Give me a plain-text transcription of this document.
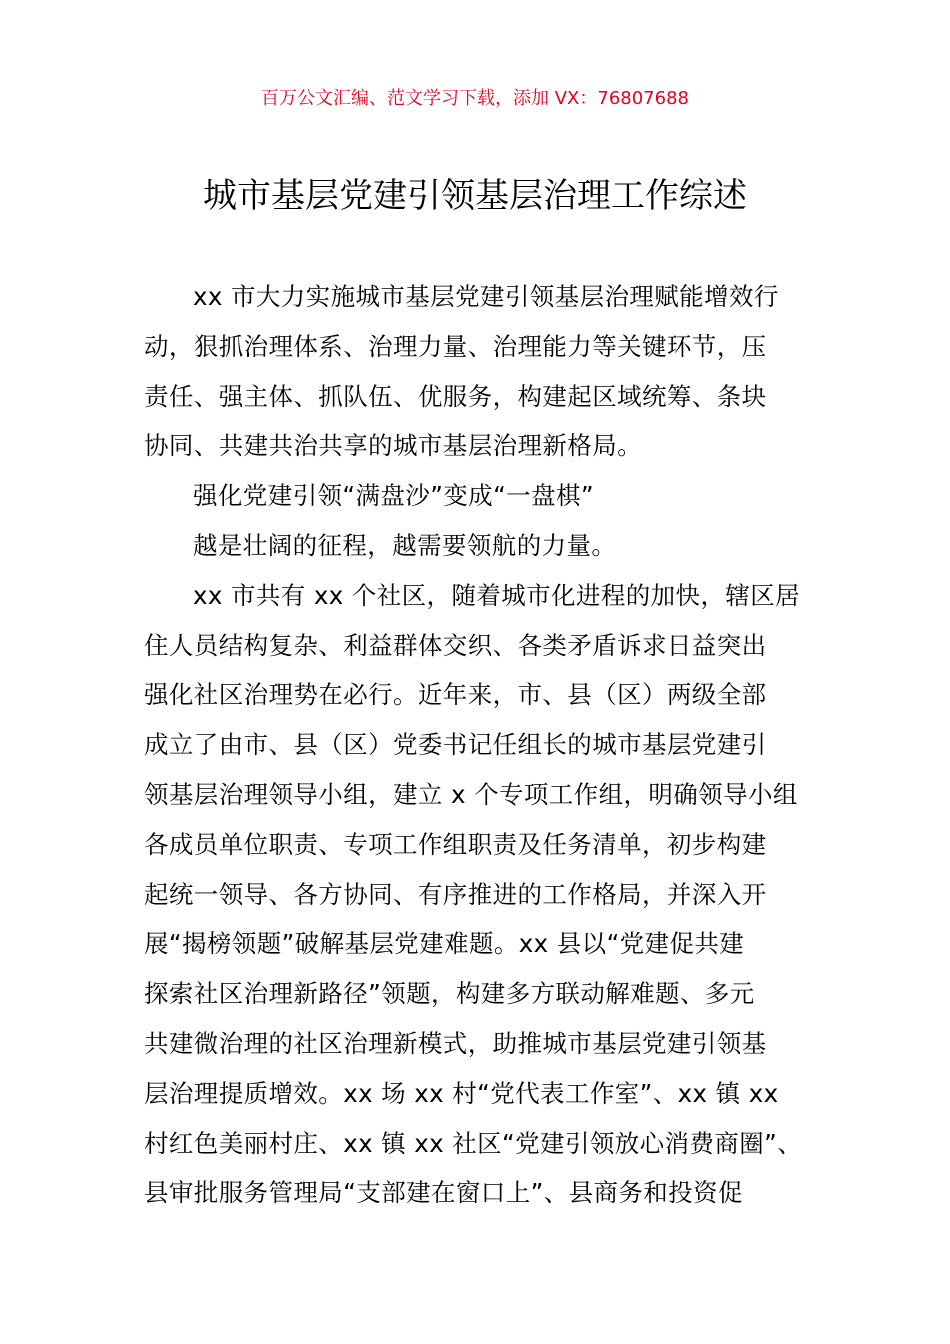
百万公文汇编、范文学习下载，添加 VX：76807688
城市基层党建引领基层治理工作综述

xx 市大力实施城市基层党建引领基层治理赋能增效行
动，狠抓治理体系、治理力量、治理能力等关键环节，压
责任、强主体、抓队伍、优服务，构建起区域统筹、条块
协同、共建共治共享的城市基层治理新格局。

强化党建引领“满盘沙”变成“一盘棋”

越是壮阔的征程，越需要领航的力量。

xx 市共有 xx 个社区，随着城市化进程的加快，辖区居
住人员结构复杂、利益群体交织、各类矛盾诉求日益突出
强化社区治理势在必行。近年来，市、县（区）两级全部
成立了由市、县（区）党委书记任组长的城市基层党建引
领基层治理领导小组，建立 x 个专项工作组，明确领导小组
各成员单位职责、专项工作组职责及任务清单，初步构建
起统一领导、各方协同、有序推进的工作格局，并深入开
展“揭榜领题”破解基层党建难题。xx 县以“党建促共建
探索社区治理新路径”领题，构建多方联动解难题、多元
共建微治理的社区治理新模式，助推城市基层党建引领基
层治理提质增效。xx 场 xx 村“党代表工作室”、xx 镇 xx
村红色美丽村庄、xx 镇 xx 社区“党建引领放心消费商圈”、
县审批服务管理局“支部建在窗口上”、县商务和投资促
